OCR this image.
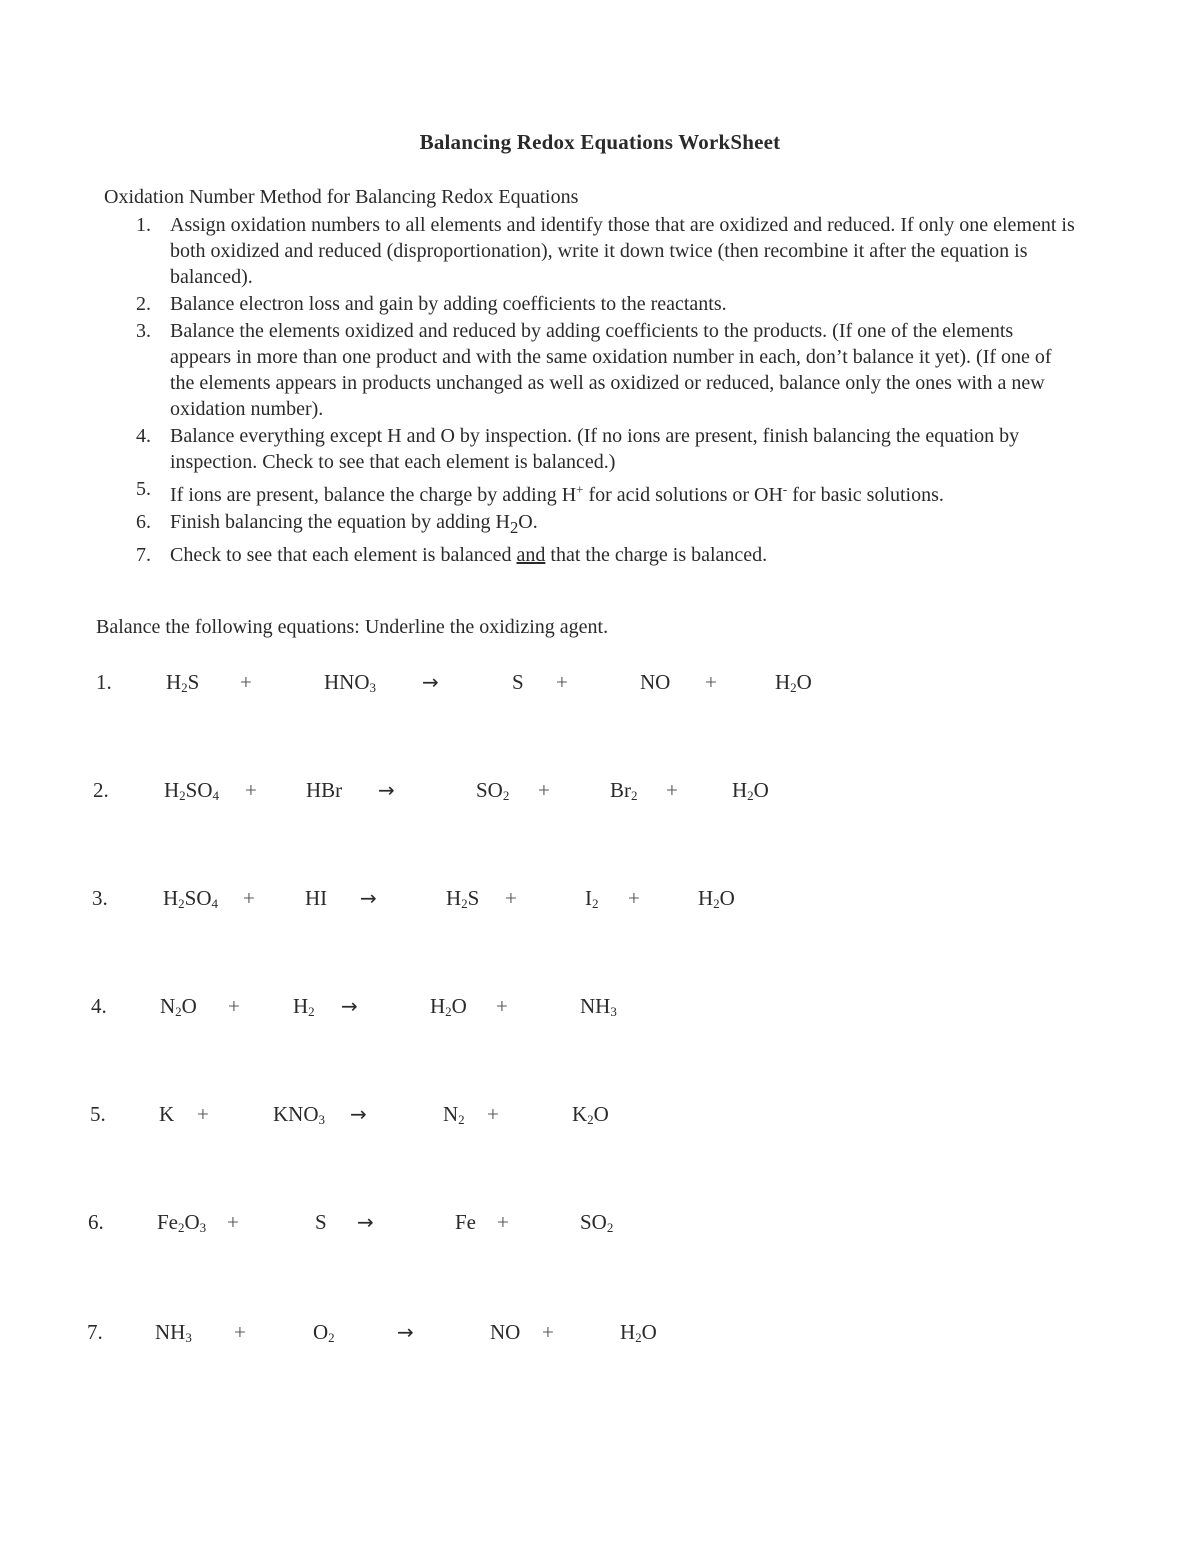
Balancing Redox Equations WorkSheet
Oxidation Number Method for Balancing Redox Equations
1. Assign oxidation numbers to all elements and identify those that are oxidized and reduced. If only one element is both oxidized and reduced (disproportionation), write it down twice (then recombine it after the equation is balanced).
2. Balance electron loss and gain by adding coefficients to the reactants.
3. Balance the elements oxidized and reduced by adding coefficients to the products. (If one of the elements appears in more than one product and with the same oxidation number in each, don’t balance it yet). (If one of the elements appears in products unchanged as well as oxidized or reduced, balance only the ones with a new oxidation number).
4. Balance everything except H and O by inspection. (If no ions are present, finish balancing the equation by inspection. Check to see that each element is balanced.)
5. If ions are present, balance the charge by adding H+ for acid solutions or OH- for basic solutions.
6. Finish balancing the equation by adding $H_2O$.
7. Check to see that each element is balanced and that the charge is balanced.
Balance the following equations: Underline the oxidizing agent.
1.	$H_2S$ +	$HNO_3$ →	S +	NO +	$H_2O$
2.	$H_2SO_4$ + HBr →	$SO_2$ +	$Br_2$ +	$H_2O$
3.	$H_2SO_4$ + HI →	$H_2S$ +	$I_2$ +	$H_2O$
4.	$N_2O$ +	$H_2$ →	$H_2O$ +	$NH_3$
5.	K +	$KNO_3$ →	$N_2$ +	$K_2O$
6.	$Fe_2O_3$ +	S →	Fe +	$SO_2$
7. $NH_3$ +	$O_2$	→	NO +	$H_2O$
